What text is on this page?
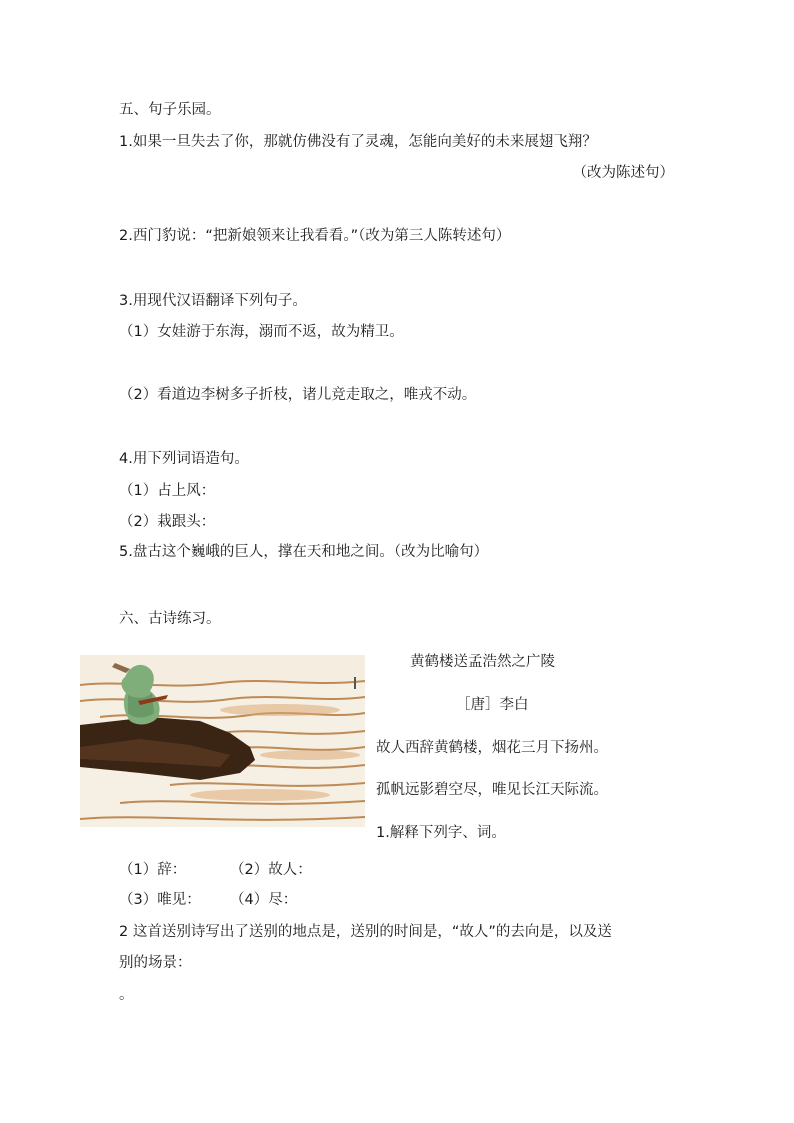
五、句子乐园。
1.如果一旦失去了你，那就仿佛没有了灵魂，怎能向美好的未来展翅飞翔？
（改为陈述句）
2.西门豹说：“把新娘领来让我看看。”（改为第三人陈转述句）
3.用现代汉语翻译下列句子。
（1）女娃游于东海，溺而不返，故为精卫。
（2）看道边李树多子折枝，诸儿竞走取之，唯戎不动。
4.用下列词语造句。
（1）占上风：
（2）栽跟头：
5.盘古这个巍峨的巨人，撑在天和地之间。（改为比喻句）
六、古诗练习。
黄鹤楼送孟浩然之广陵
［唐］李白
故人西辞黄鹤楼，烟花三月下扬州。
孤帆远影碧空尽，唯见长江天际流。
1.解释下列字、词。
（1）辞：	（2）故人：
（3）唯见： （4）尽：
2 这首送别诗写出了送别的地点是，送别的时间是，“故人”的去向是，以及送
别的场景：
。
